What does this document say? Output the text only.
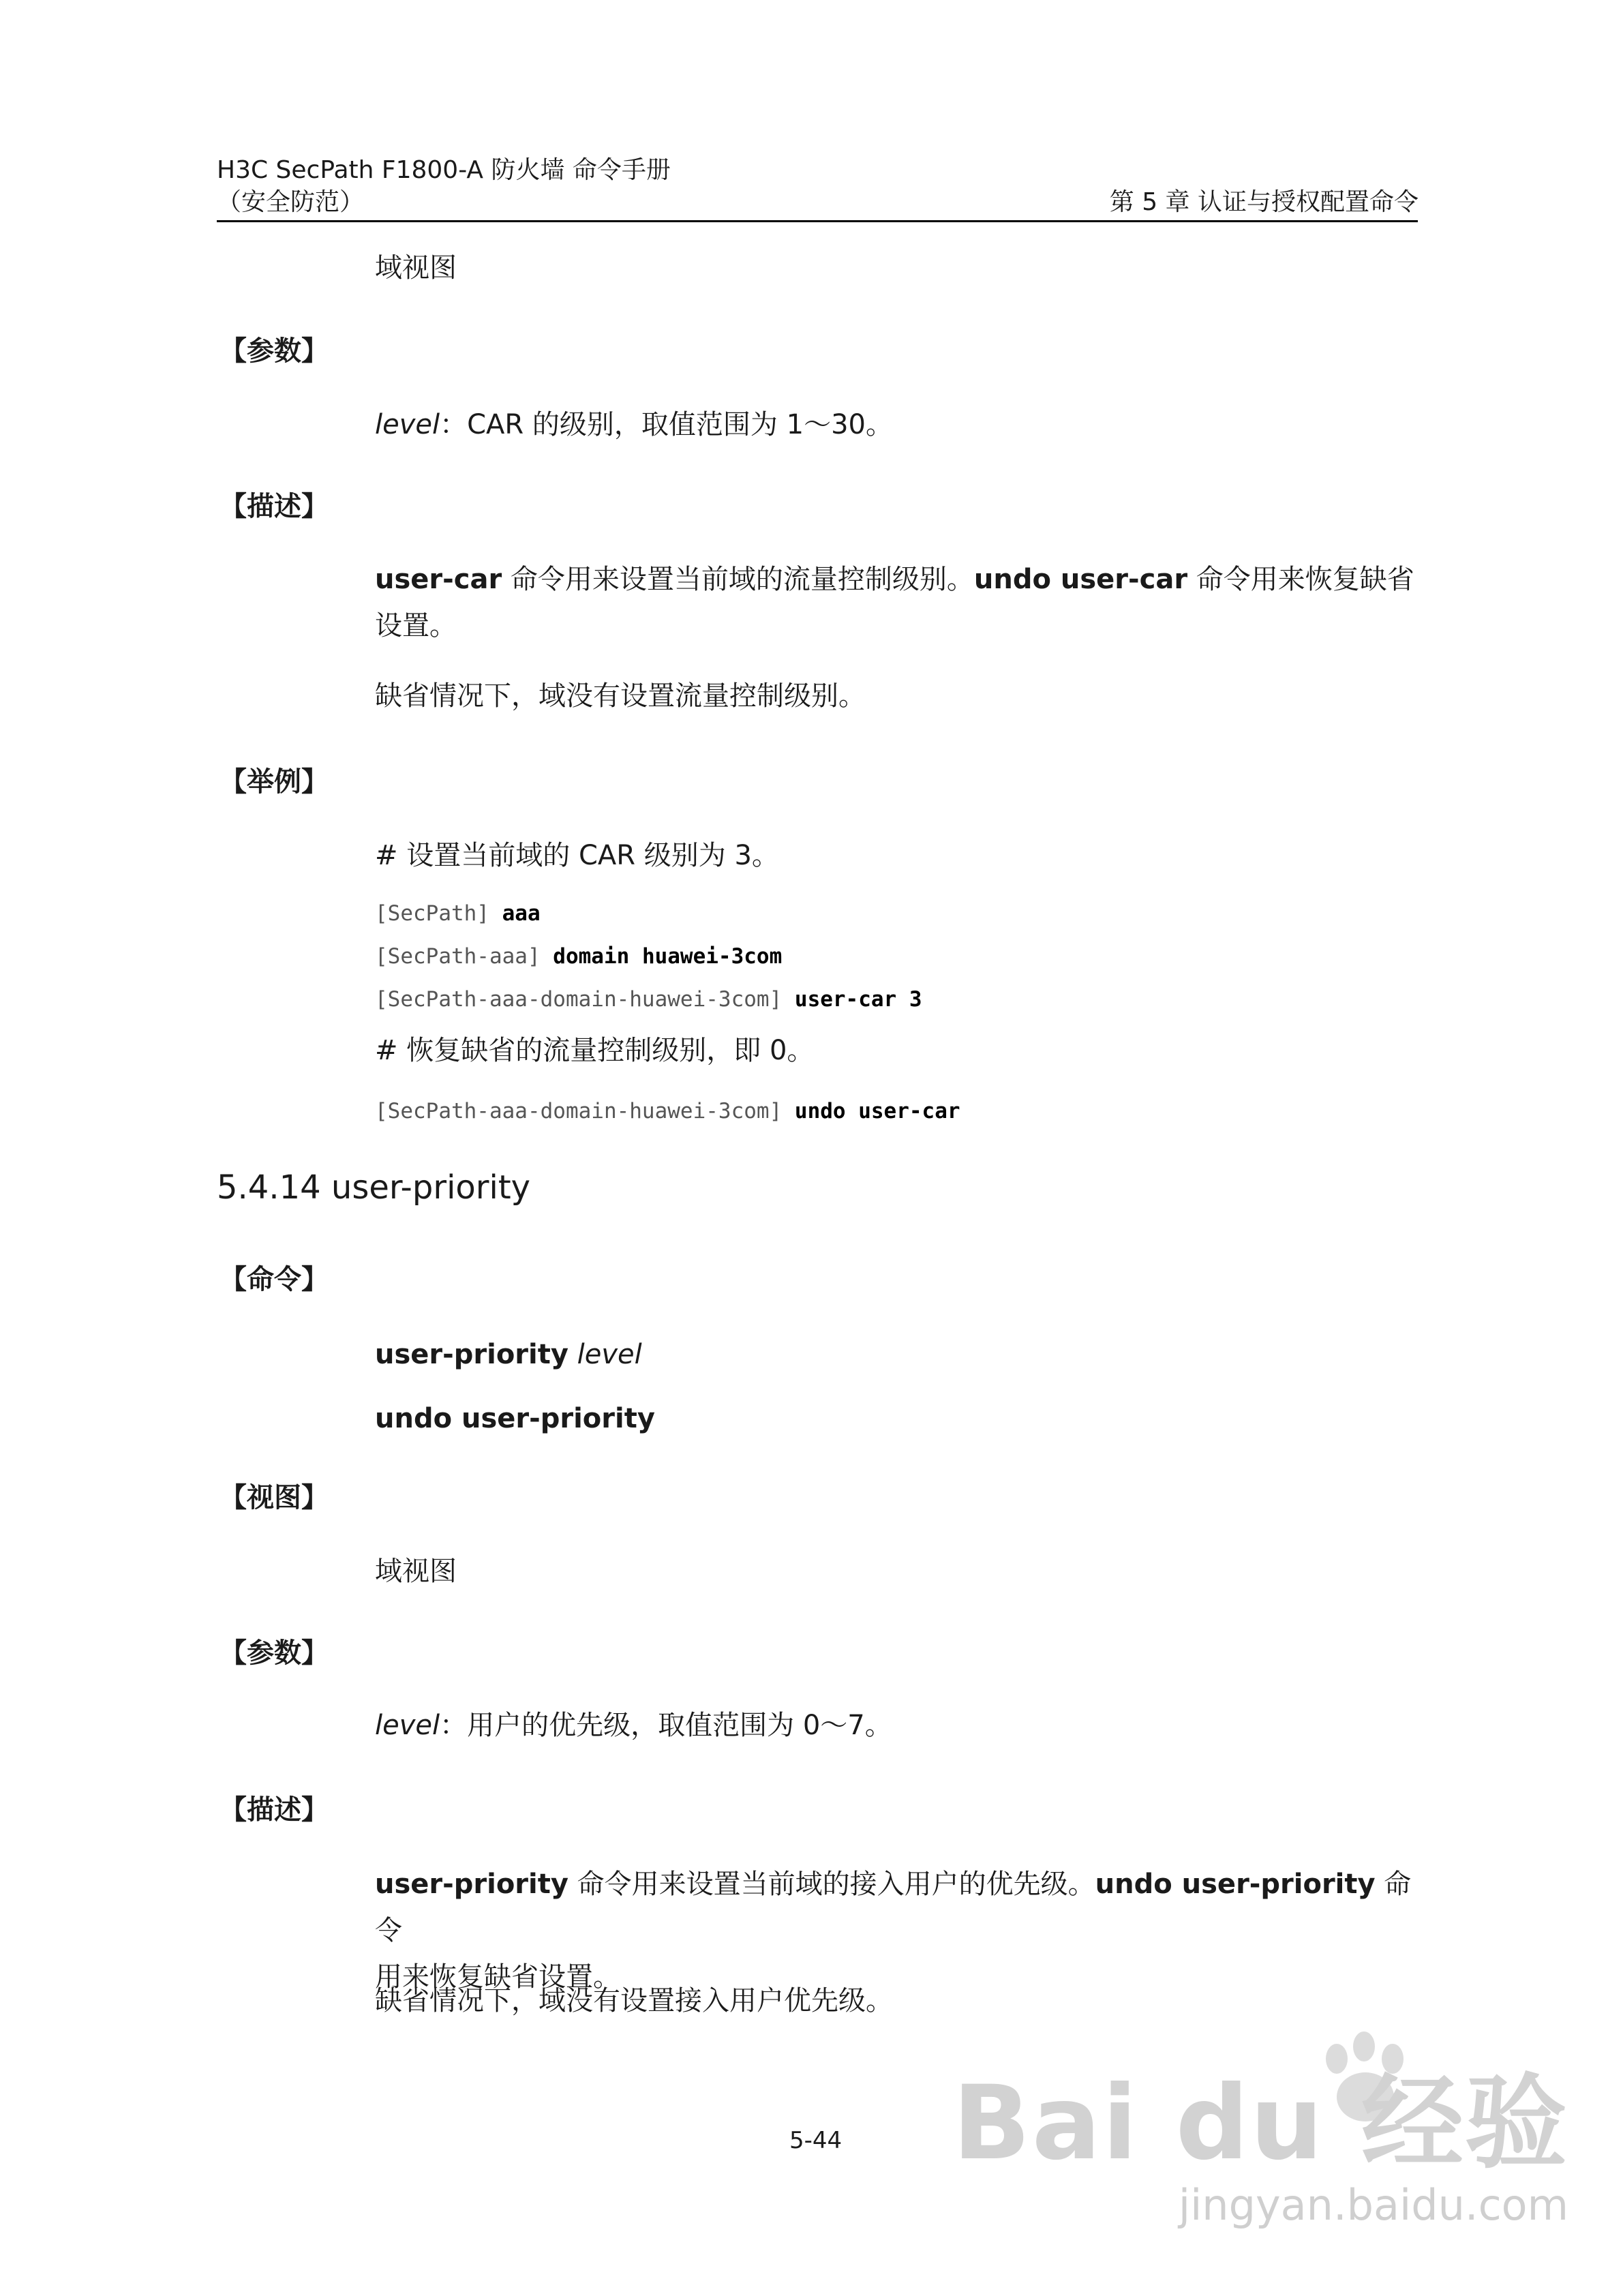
H3C SecPath F1800-A 防火墙 命令手册
（安全防范）	第 5 章 认证与授权配置命令
域视图
【参数】
level：CAR 的级别，取值范围为 1～30。
【描述】
user-car 命令用来设置当前域的流量控制级别。undo user-car 命令用来恢复缺省
设置。
缺省情况下，域没有设置流量控制级别。
【举例】
# 设置当前域的 CAR 级别为 3。
[SecPath] aaa
[SecPath-aaa] domain huawei-3com
[SecPath-aaa-domain-huawei-3com] user-car 3
# 恢复缺省的流量控制级别，即 0。
[SecPath-aaa-domain-huawei-3com] undo user-car
5.4.14 user-priority
【命令】
user-priority level
undo user-priority
【视图】
域视图
【参数】
level：用户的优先级，取值范围为 0～7。
【描述】
user-priority 命令用来设置当前域的接入用户的优先级。undo user-priority 命令
用来恢复缺省设置。
缺省情况下，域没有设置接入用户优先级。
5-44 Bai du 经验
jingyan.baidu.com
